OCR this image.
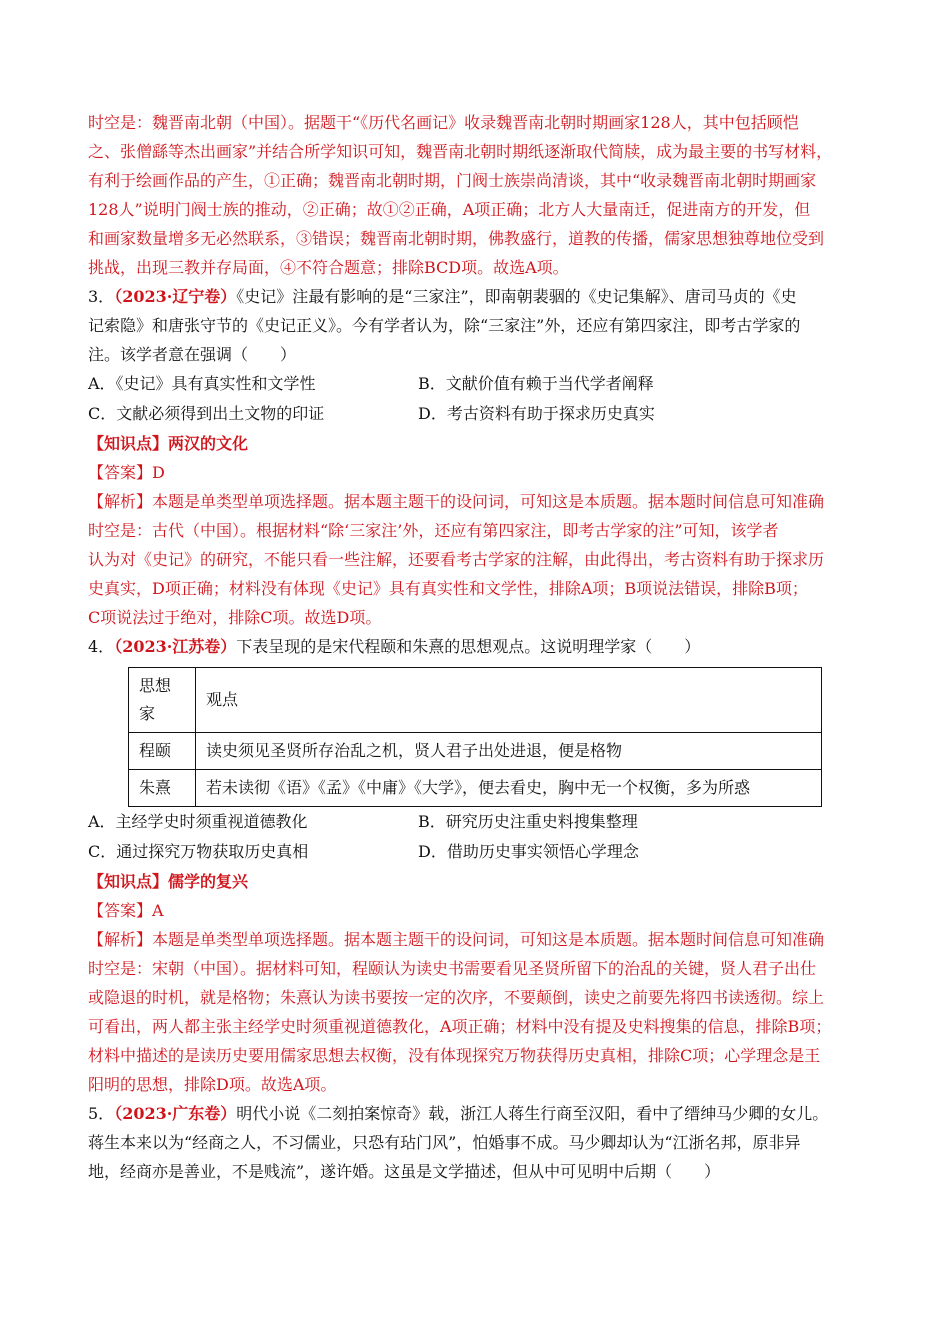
时空是：魏晋南北朝（中国）。据题干“《历代名画记》收录魏晋南北朝时期画家128人，其中包括顾恺
之、张僧繇等杰出画家”并结合所学知识可知，魏晋南北朝时期纸逐渐取代简牍，成为最主要的书写材料，
有利于绘画作品的产生，①正确；魏晋南北朝时期，门阀士族崇尚清谈，其中“收录魏晋南北朝时期画家
128人”说明门阀士族的推动，②正确；故①②正确，A项正确；北方人大量南迁，促进南方的开发，但
和画家数量增多无必然联系，③错误；魏晋南北朝时期，佛教盛行，道教的传播，儒家思想独尊地位受到
挑战，出现三教并存局面，④不符合题意；排除BCD项。故选A项。
3．（2023·辽宁卷）《史记》注最有影响的是“三家注”，即南朝裴骃的《史记集解》、唐司马贞的《史
记索隐》和唐张守节的《史记正义》。今有学者认为，除“三家注”外，还应有第四家注，即考古学家的
注。该学者意在强调（　　）
A．《史记》具有真实性和文学性	B．文献价值有赖于当代学者阐释
C．文献必须得到出土文物的印证	D．考古资料有助于探求历史真实
【知识点】两汉的文化
【答案】D
【解析】本题是单类型单项选择题。据本题主题干的设问词，可知这是本质题。据本题时间信息可知准确
时空是：古代（中国）。根据材料“除‘三家注’外，还应有第四家注，即考古学家的注”可知，该学者
认为对《史记》的研究，不能只看一些注解，还要看考古学家的注解，由此得出，考古资料有助于探求历
史真实，D项正确；材料没有体现《史记》具有真实性和文学性，排除A项；B项说法错误，排除B项；
C项说法过于绝对，排除C项。故选D项。
4．（2023·江苏卷）下表呈现的是宋代程颐和朱熹的思想观点。这说明理学家（　　）
思想家	观点
程颐	读史须见圣贤所存治乱之机，贤人君子出处进退，便是格物
朱熹	若未读彻《语》《孟》《中庸》《大学》，便去看史，胸中无一个权衡，多为所惑
A．主经学史时须重视道德教化	B．研究历史注重史料搜集整理
C．通过探究万物获取历史真相	D．借助历史事实领悟心学理念
【知识点】儒学的复兴
【答案】A
【解析】本题是单类型单项选择题。据本题主题干的设问词，可知这是本质题。据本题时间信息可知准确
时空是：宋朝（中国）。据材料可知，程颐认为读史书需要看见圣贤所留下的治乱的关键，贤人君子出仕
或隐退的时机，就是格物；朱熹认为读书要按一定的次序，不要颠倒，读史之前要先将四书读透彻。综上
可看出，两人都主张主经学史时须重视道德教化，A项正确；材料中没有提及史料搜集的信息，排除B项；
材料中描述的是读历史要用儒家思想去权衡，没有体现探究万物获得历史真相，排除C项；心学理念是王
阳明的思想，排除D项。故选A项。
5．（2023·广东卷）明代小说《二刻拍案惊奇》载，浙江人蒋生行商至汉阳，看中了缙绅马少卿的女儿。
蒋生本来以为“经商之人，不习儒业，只恐有玷门风”，怕婚事不成。马少卿却认为“江浙名邦，原非异
地，经商亦是善业，不是贱流”，遂许婚。这虽是文学描述，但从中可见明中后期（　　）
